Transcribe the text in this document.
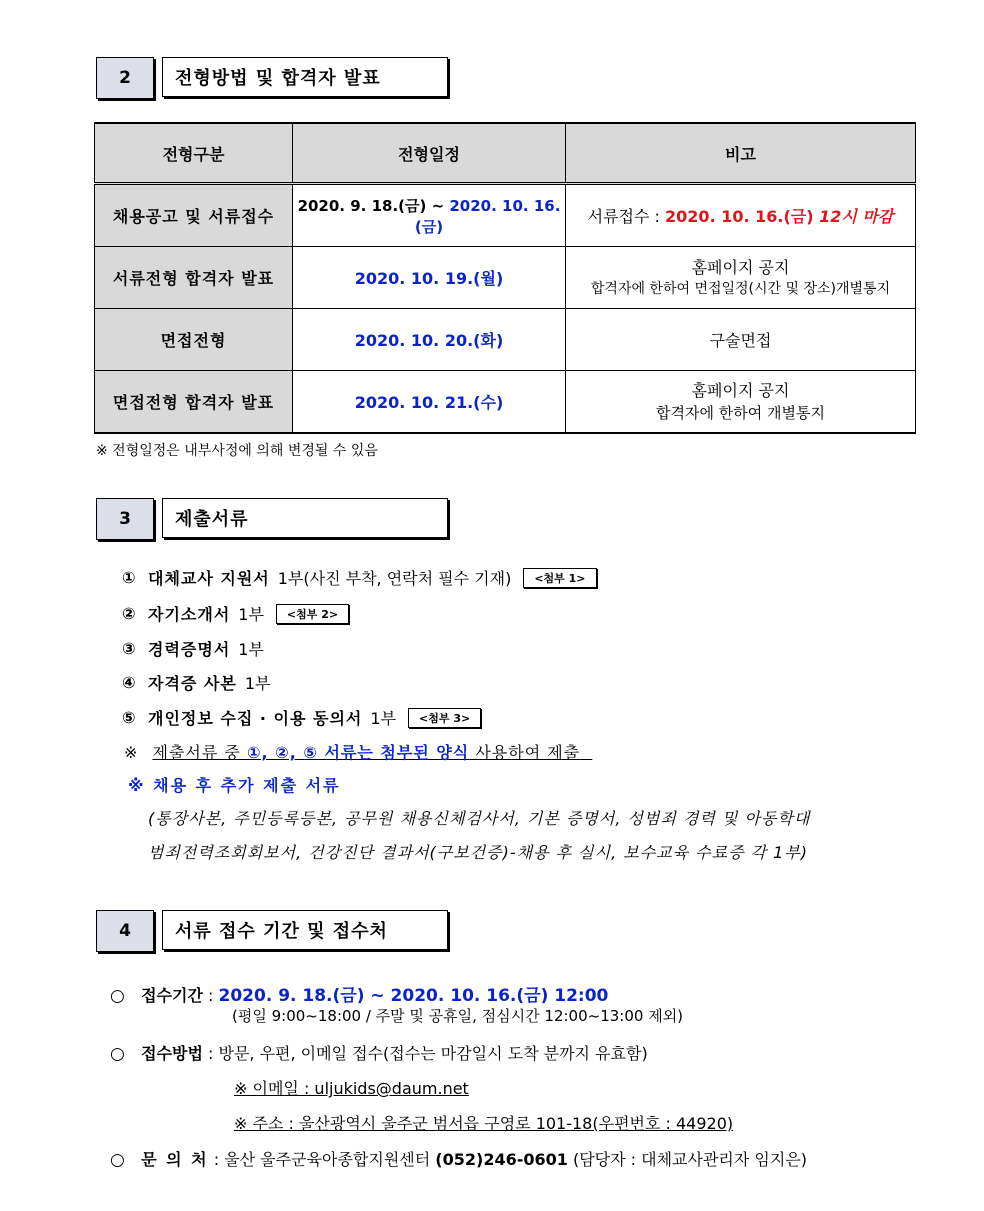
2	전형방법 및 합격자 발표
전형구분	전형일정	비고
채용공고 및 서류접수	2020. 9. 18.(금) ~ 2020. 10. 16.(금)	서류접수 : 2020. 10. 16.(금) 12시 마감
서류전형 합격자 발표	2020. 10. 19.(월)	홈페이지 공지
합격자에 한하여 면접일정(시간 및 장소)개별통지

면접전형	2020. 10. 20.(화)	구술면접
면접전형 합격자 발표	2020. 10. 21.(수)	홈페이지 공지
합격자에 한하여 개별통지
※ 전형일정은 내부사정에 의해 변경될 수 있음
3	제출서류
① 대체교사 지원서 1부(사진 부착, 연락처 필수 기재)	<첨부 1>
② 자기소개서 1부	<첨부 2>
③ 경력증명서 1부
④ 자격증 사본 1부
⑤ 개인정보 수집 · 이용 동의서 1부	<첨부 3>
※ 제출서류 중 ①, ②, ⑤ 서류는 첨부된 양식 사용하여 제출
※ 채용 후 추가 제출 서류
(통장사본, 주민등록등본, 공무원 채용신체검사서, 기본 증명서, 성범죄 경력 및 아동학대
범죄전력조회회보서, 건강진단 결과서(구보건증)-채용 후 실시, 보수교육 수료증 각 1부)
4	서류 접수 기간 및 접수처
○ 접수기간 : 2020. 9. 18.(금) ~ 2020. 10. 16.(금) 12:00
(평일 9:00~18:00 / 주말 및 공휴일, 점심시간 12:00~13:00 제외)
○ 접수방법 : 방문, 우편, 이메일 접수(접수는 마감일시 도착 분까지 유효함)
※ 이메일 : uljukids@daum.net
※ 주소 : 울산광역시 울주군 범서읍 구영로 101-18(우편번호 : 44920)
○ 문 의 처 : 울산 울주군육아종합지원센터 (052)246-0601 (담당자 : 대체교사관리자 임지은)
